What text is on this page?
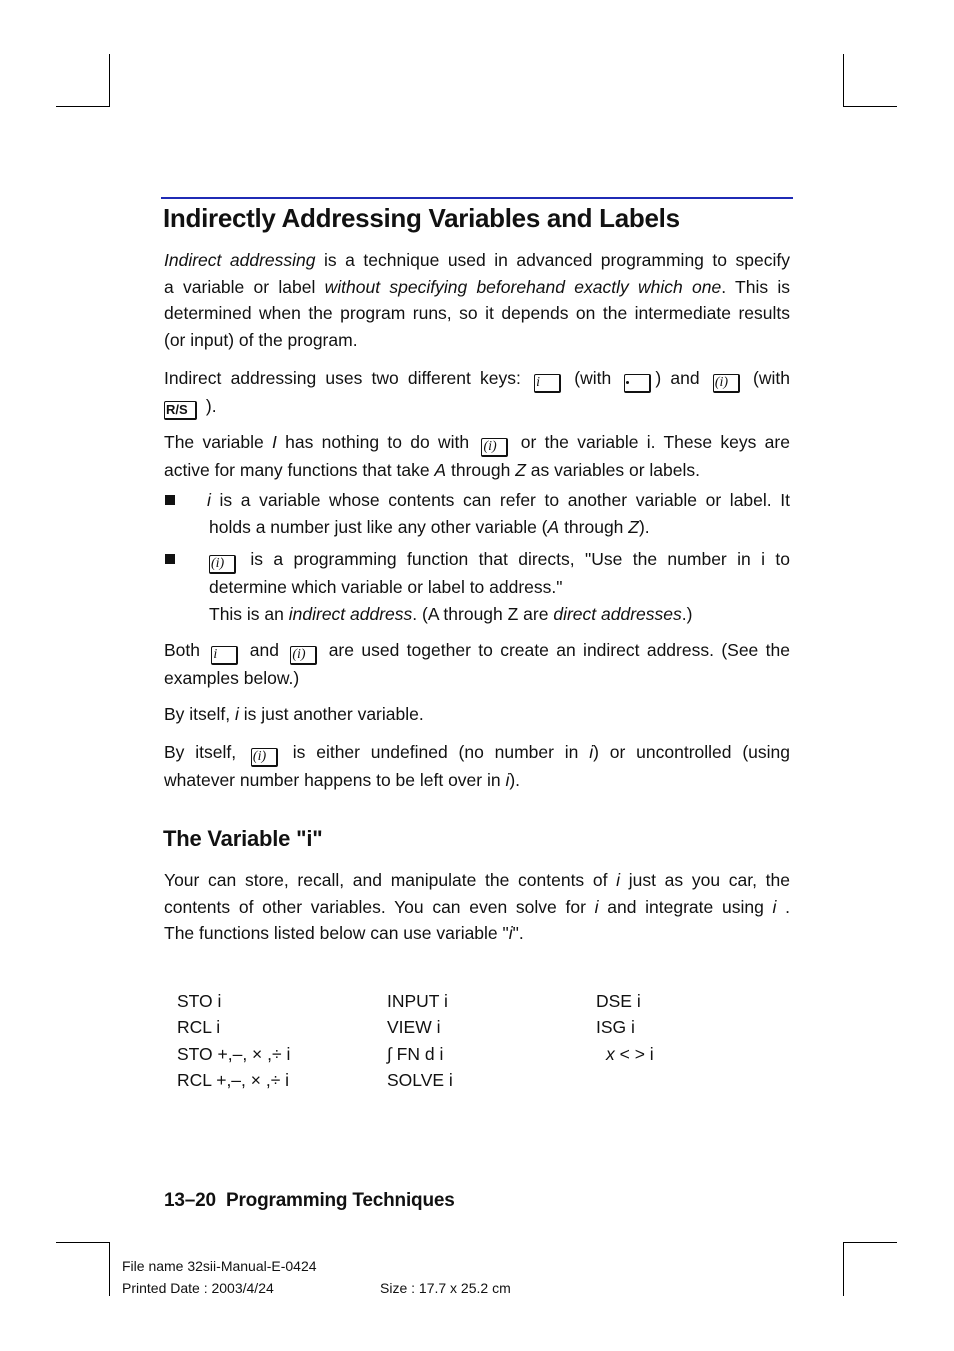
Indirectly Addressing Variables and Labels
Indirect addressing is a technique used in advanced programming to specify
a variable or label without specifying beforehand exactly which one. This is
determined when the program runs, so it depends on the intermediate results
(or input) of the program.
Indirect addressing uses two different keys: i (with	) and (i) (with
R/S ).
The variable I has nothing to do with (i) or the variable i. These keys are
active for many functions that take A through Z as variables or labels.
i is a variable whose contents can refer to another variable or label. It
holds a number just like any other variable (A through Z).
(i) is a programming function that directs, "Use the number in i to
determine which variable or label to address."
This is an indirect address. (A through Z are direct addresses.)
Both i and (i) are used together to create an indirect address. (See the
examples below.)
By itself, i is just another variable.
By itself, (i) is either undefined (no number in i) or uncontrolled (using
whatever number happens to be left over in i).
The Variable "i"
Your can store, recall, and manipulate the contents of i just as you car, the
contents of other variables. You can even solve for i and integrate using i .
The functions listed below can use variable "i".
STO i
RCL i
STO +,–, × ,÷ i
RCL +,–, × ,÷ i
INPUT i
VIEW i
∫ FN d i
SOLVE i
DSE i
ISG i
x < > i
13–20 Programming Techniques
File name 32sii-Manual-E-0424
Printed Date : 2003/4/24	Size : 17.7 x 25.2 cm
